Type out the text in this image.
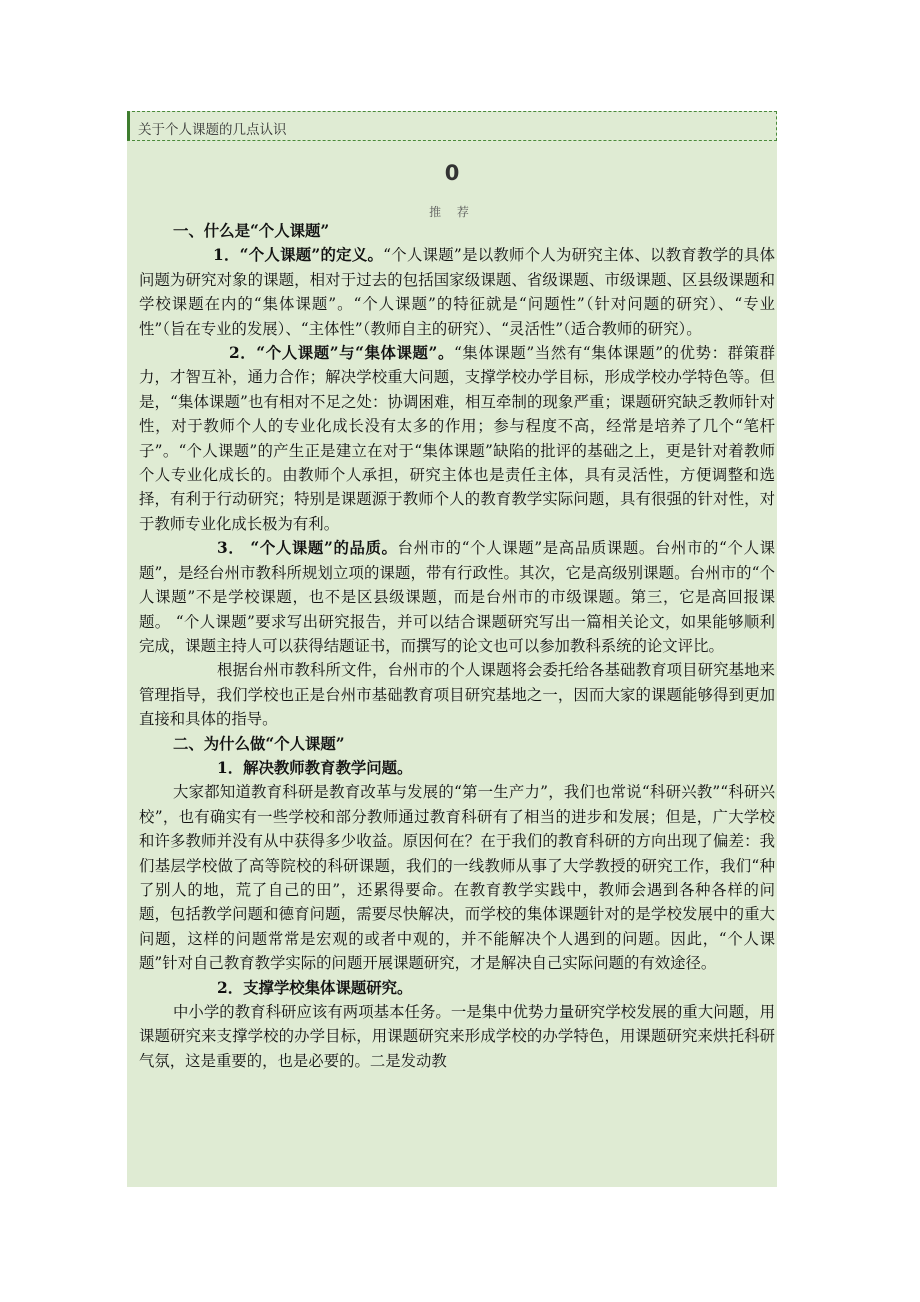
关于个人课题的几点认识
0
推 荐

一、什么是“个人课题”

1．“个人课题”的定义。“个人课题”是以教师个人为研究主体、以教育教学的具体问题为研究对象的课题，相对于过去的包括国家级课题、省级课题、市级课题、区县级课题和学校课题在内的“集体课题”。“个人课题”的特征就是“问题性”（针对问题的研究）、“专业性”（旨在专业的发展）、“主体性”（教师自主的研究）、“灵活性”（适合教师的研究）。

2．“个人课题”与“集体课题”。“集体课题”当然有“集体课题”的优势：群策群力，才智互补，通力合作；解决学校重大问题，支撑学校办学目标，形成学校办学特色等。但是，“集体课题”也有相对不足之处：协调困难，相互牵制的现象严重；课题研究缺乏教师针对性，对于教师个人的专业化成长没有太多的作用；参与程度不高，经常是培养了几个“笔杆子”。“个人课题”的产生正是建立在对于“集体课题”缺陷的批评的基础之上，更是针对着教师个人专业化成长的。由教师个人承担，研究主体也是责任主体，具有灵活性，方便调整和选择，有利于行动研究；特别是课题源于教师个人的教育教学实际问题，具有很强的针对性，对于教师专业化成长极为有利。

3． “个人课题”的品质。台州市的“个人课题”是高品质课题。台州市的“个人课题”，是经台州市教科所规划立项的课题，带有行政性。其次，它是高级别课题。台州市的“个人课题”不是学校课题，也不是区县级课题，而是台州市的市级课题。第三，它是高回报课题。 “个人课题”要求写出研究报告，并可以结合课题研究写出一篇相关论文，如果能够顺利完成，课题主持人可以获得结题证书，而撰写的论文也可以参加教科系统的论文评比。

根据台州市教科所文件，台州市的个人课题将会委托给各基础教育项目研究基地来管理指导，我们学校也正是台州市基础教育项目研究基地之一，因而大家的课题能够得到更加直接和具体的指导。

二、为什么做“个人课题”

1．解决教师教育教学问题。

大家都知道教育科研是教育改革与发展的“第一生产力”，我们也常说“科研兴教”“科研兴校”，也有确实有一些学校和部分教师通过教育科研有了相当的进步和发展；但是，广大学校和许多教师并没有从中获得多少收益。原因何在？在于我们的教育科研的方向出现了偏差：我们基层学校做了高等院校的科研课题，我们的一线教师从事了大学教授的研究工作，我们“种了别人的地，荒了自己的田”，还累得要命。在教育教学实践中，教师会遇到各种各样的问题，包括教学问题和德育问题，需要尽快解决，而学校的集体课题针对的是学校发展中的重大问题，这样的问题常常是宏观的或者中观的，并不能解决个人遇到的问题。因此，“个人课题”针对自己教育教学实际的问题开展课题研究，才是解决自己实际问题的有效途径。

2．支撑学校集体课题研究。

中小学的教育科研应该有两项基本任务。一是集中优势力量研究学校发展的重大问题，用课题研究来支撑学校的办学目标，用课题研究来形成学校的办学特色，用课题研究来烘托科研气氛，这是重要的，也是必要的。二是发动教
